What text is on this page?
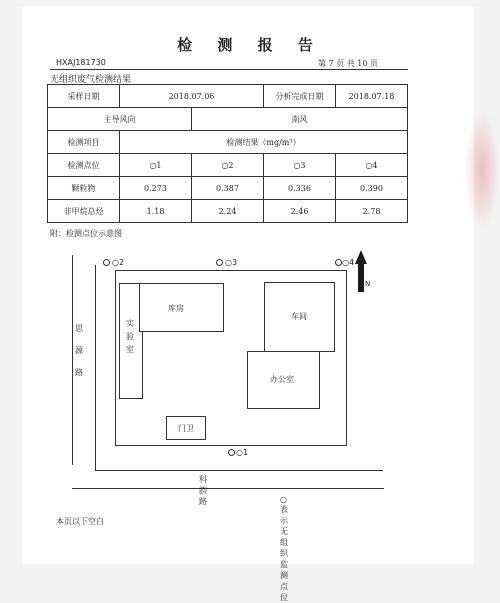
检 测 报 告
HXAJ181730	第 7 页 共 10 页
无组织废气检测结果
采样日期	2018.07.06		分析完成日期	2018.07.18
主导风向		南风		
检测项目	检测结果（mg/m³）			
检测点位	○1	○2	○3	○4
颗粒物	0.273	0.387	0.336	0.390
非甲烷总烃	1.18	2.24	2.46	2.78
附：检测点位示意图
思源路
科韵路
实验室
库房
车间
办公室
门卫
○2	○3	○4
○1
N
○表示无组织监测点位
本页以下空白
